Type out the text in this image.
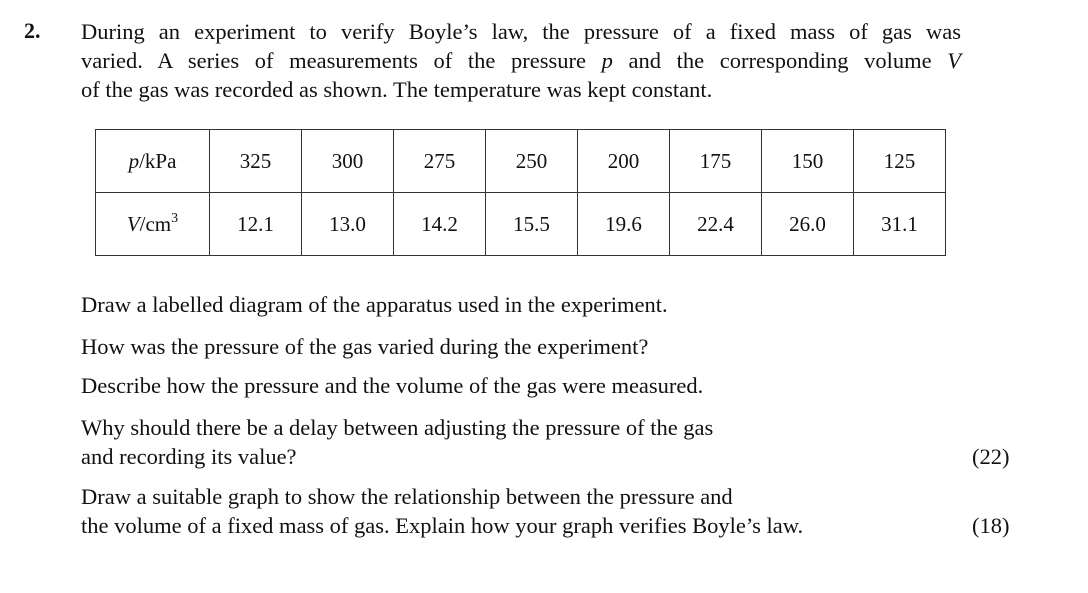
2. During an experiment to verify Boyle’s law, the pressure of a fixed mass of gas was
varied. A series of measurements of the pressure p and the corresponding volume V
of the gas was recorded as shown. The temperature was kept constant.
p/kPa	325	300	275	250	200	175	150	125
$V/cm^3$	12.1	13.0	14.2	15.5	19.6	22.4	26.0	31.1
Draw a labelled diagram of the apparatus used in the experiment.
How was the pressure of the gas varied during the experiment?
Describe how the pressure and the volume of the gas were measured.
Why should there be a delay between adjusting the pressure of the gas
and recording its value?	(22)
Draw a suitable graph to show the relationship between the pressure and
the volume of a fixed mass of gas. Explain how your graph verifies Boyle’s law.	(18)
